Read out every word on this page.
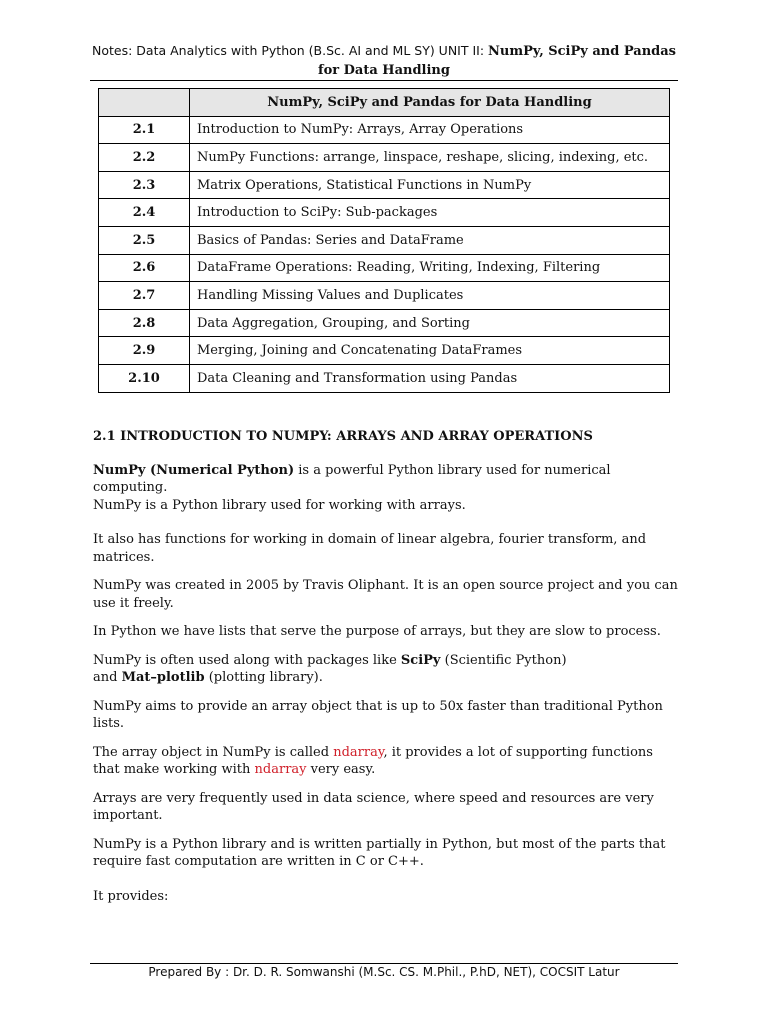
Notes: Data Analytics with Python (B.Sc. AI and ML SY) UNIT II: NumPy, SciPy and Pandas for Data Handling
	NumPy, SciPy and Pandas for Data Handling
2.1	Introduction to NumPy: Arrays, Array Operations
2.2	NumPy Functions: arrange, linspace, reshape, slicing, indexing, etc.
2.3	Matrix Operations, Statistical Functions in NumPy
2.4	Introduction to SciPy: Sub-packages
2.5	Basics of Pandas: Series and DataFrame
2.6	DataFrame Operations: Reading, Writing, Indexing, Filtering
2.7	Handling Missing Values and Duplicates
2.8	Data Aggregation, Grouping, and Sorting
2.9	Merging, Joining and Concatenating DataFrames
2.10	Data Cleaning and Transformation using Pandas
2.1 INTRODUCTION TO NUMPY: ARRAYS AND ARRAY OPERATIONS

NumPy (Numerical Python) is a powerful Python library used for numerical computing.
NumPy is a Python library used for working with arrays.

It also has functions for working in domain of linear algebra, fourier transform, and matrices.

NumPy was created in 2005 by Travis Oliphant. It is an open source project and you can use it freely.

In Python we have lists that serve the purpose of arrays, but they are slow to process.

NumPy is often used along with packages like SciPy (Scientific Python)
and Mat–plotlib (plotting library).

NumPy aims to provide an array object that is up to 50x faster than traditional Python lists.

The array object in NumPy is called ndarray, it provides a lot of supporting functions that make working with ndarray very easy.

Arrays are very frequently used in data science, where speed and resources are very important.

NumPy is a Python library and is written partially in Python, but most of the parts that require fast computation are written in C or C++.

It provides:

Prepared By : Dr. D. R. Somwanshi (M.Sc. CS. M.Phil., P.hD, NET), COCSIT Latur
